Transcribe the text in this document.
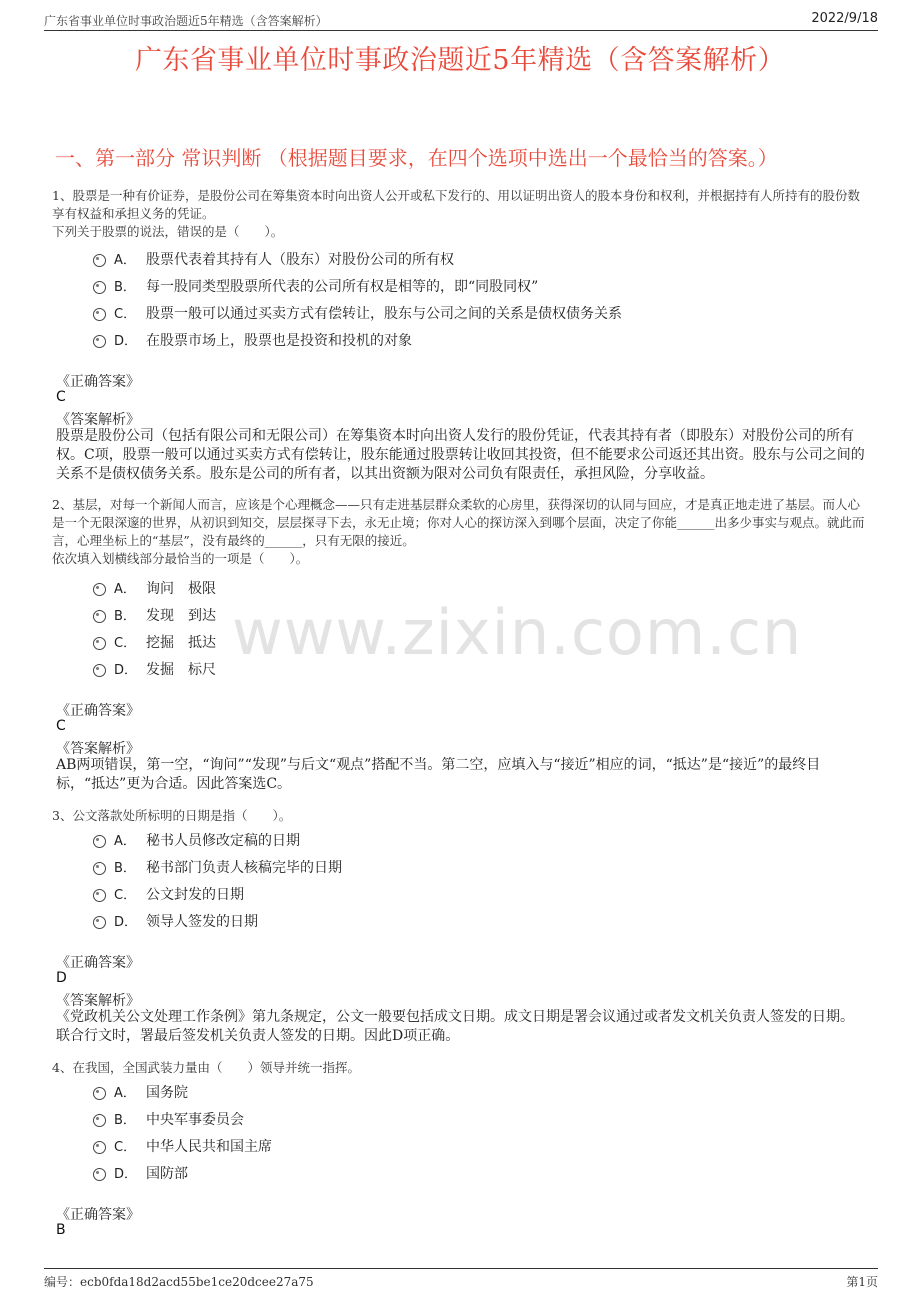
广东省事业单位时事政治题近5年精选（含答案解析）	2022/9/18
广东省事业单位时事政治题近5年精选（含答案解析）
一、第一部分 常识判断 （根据题目要求，在四个选项中选出一个最恰当的答案。）
www.zixin.com.cn

1、股票是一种有价证券，是股份公司在筹集资本时向出资人公开或私下发行的、用以证明出资人的股本身份和权利，并根据持有人所持有的股份数享有权益和承担义务的凭证。

下列关于股票的说法，错误的是（　　）。

A． 股票代表着其持有人（股东）对股份公司的所有权
B． 每一股同类型股票所代表的公司所有权是相等的，即“同股同权”
C． 股票一般可以通过买卖方式有偿转让，股东与公司之间的关系是债权债务关系
D． 在股票市场上，股票也是投资和投机的对象
《正确答案》
C
《答案解析》
股票是股份公司（包括有限公司和无限公司）在筹集资本时向出资人发行的股份凭证，代表其持有者（即股东）对股份公司的所有权。C项，股票一般可以通过买卖方式有偿转让，股东能通过股票转让收回其投资，但不能要求公司返还其出资。股东与公司之间的关系不是债权债务关系。股东是公司的所有者，以其出资额为限对公司负有限责任，承担风险，分享收益。

2、基层，对每一个新闻人而言，应该是个心理概念——只有走进基层群众柔软的心房里，获得深切的认同与回应，才是真正地走进了基层。而人心是一个无限深邃的世界，从初识到知交，层层探寻下去，永无止境；你对人心的探访深入到哪个层面，决定了你能______出多少事实与观点。就此而言，心理坐标上的“基层”，没有最终的______，只有无限的接近。

依次填入划横线部分最恰当的一项是（　　）。

A． 询问　极限
B． 发现　到达
C． 挖掘　抵达
D． 发掘　标尺
《正确答案》
C
《答案解析》
AB两项错误，第一空，“询问”“发现”与后文“观点”搭配不当。第二空，应填入与“接近”相应的词，“抵达”是“接近”的最终目标，“抵达”更为合适。因此答案选C。

3、公文落款处所标明的日期是指（　　）。

A． 秘书人员修改定稿的日期
B． 秘书部门负责人核稿完毕的日期
C． 公文封发的日期
D． 领导人签发的日期
《正确答案》
D
《答案解析》
《党政机关公文处理工作条例》第九条规定，公文一般要包括成文日期。成文日期是署会议通过或者发文机关负责人签发的日期。联合行文时，署最后签发机关负责人签发的日期。因此D项正确。

4、在我国，全国武装力量由（　　）领导并统一指挥。

A． 国务院
B． 中央军事委员会
C． 中华人民共和国主席
D． 国防部
《正确答案》
B
编号：ecb0fda18d2acd55be1ce20dcee27a75	第1页
